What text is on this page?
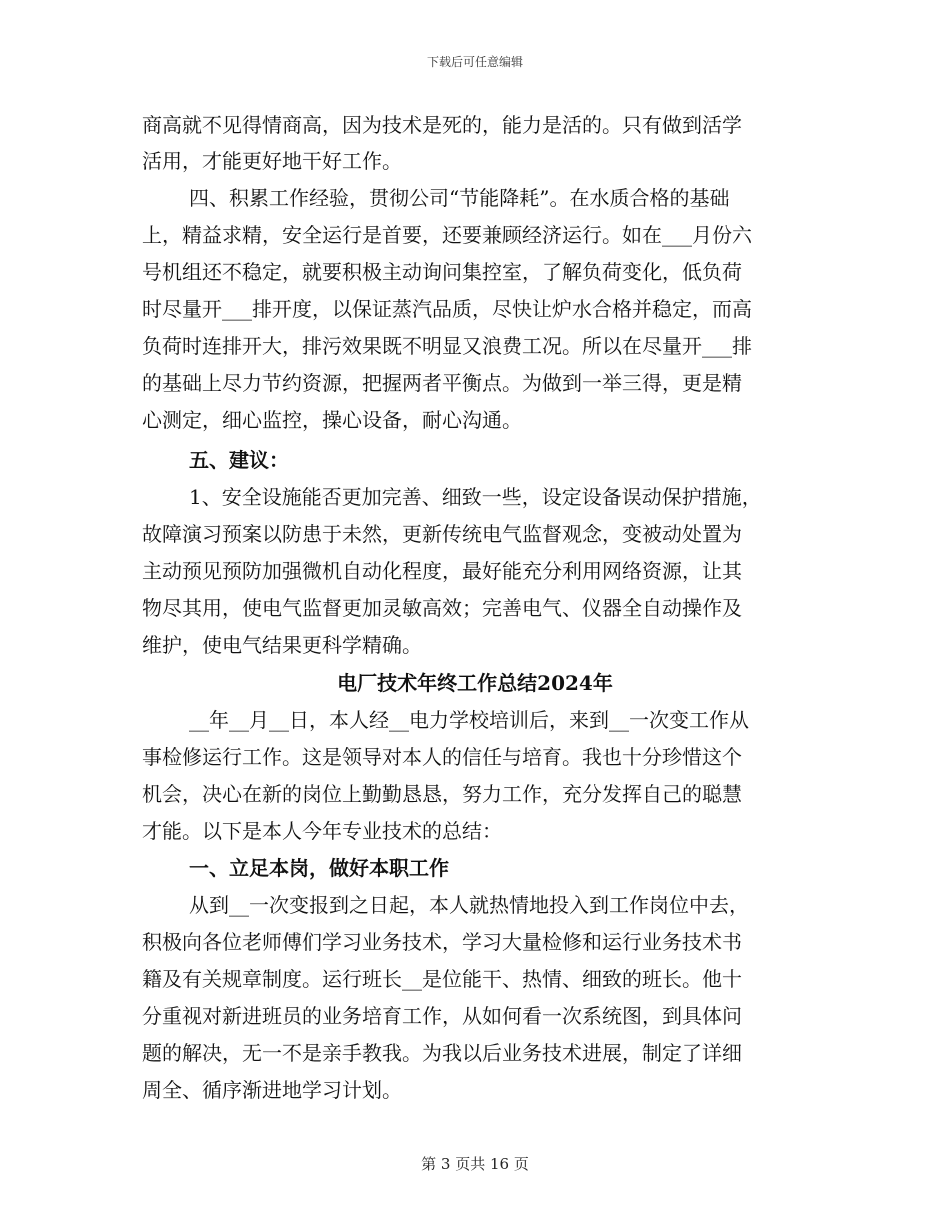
下载后可任意编辑
商高就不见得情商高，因为技术是死的，能力是活的。只有做到活学
活用，才能更好地干好工作。
四、积累工作经验，贯彻公司“节能降耗”。在水质合格的基础
上，精益求精，安全运行是首要，还要兼顾经济运行。如在___月份六
号机组还不稳定，就要积极主动询问集控室，了解负荷变化，低负荷
时尽量开___排开度，以保证蒸汽品质，尽快让炉水合格并稳定，而高
负荷时连排开大，排污效果既不明显又浪费工况。所以在尽量开___排
的基础上尽力节约资源，把握两者平衡点。为做到一举三得，更是精
心测定，细心监控，操心设备，耐心沟通。
五、建议：
1、安全设施能否更加完善、细致一些，设定设备误动保护措施，
故障演习预案以防患于未然，更新传统电气监督观念，变被动处置为
主动预见预防加强微机自动化程度，最好能充分利用网络资源，让其
物尽其用，使电气监督更加灵敏高效；完善电气、仪器全自动操作及
维护，使电气结果更科学精确。
电厂技术年终工作总结2024年
__年__月__日，本人经__电力学校培训后，来到__一次变工作从
事检修运行工作。这是领导对本人的信任与培育。我也十分珍惜这个
机会，决心在新的岗位上勤勤恳恳，努力工作，充分发挥自己的聪慧
才能。以下是本人今年专业技术的总结：
一、立足本岗，做好本职工作
从到__一次变报到之日起，本人就热情地投入到工作岗位中去，
积极向各位老师傅们学习业务技术，学习大量检修和运行业务技术书
籍及有关规章制度。运行班长__是位能干、热情、细致的班长。他十
分重视对新进班员的业务培育工作，从如何看一次系统图，到具体问
题的解决，无一不是亲手教我。为我以后业务技术进展，制定了详细
周全、循序渐进地学习计划。
第 3 页共 16 页
